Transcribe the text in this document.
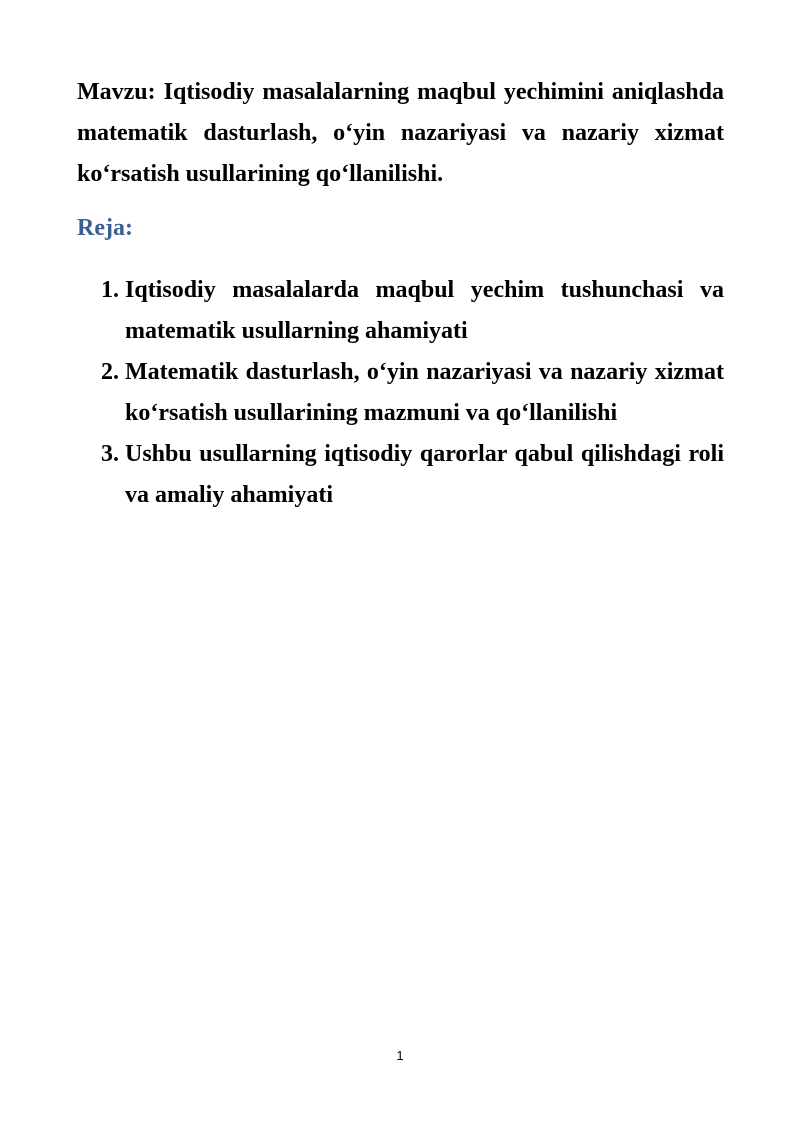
Mavzu: Iqtisodiy masalalarning maqbul yechimini aniqlashda matematik dasturlash, o‘yin nazariyasi va nazariy xizmat ko‘rsatish usullarining qo‘llanilishi.

Reja:
1. Iqtisodiy masalalarda maqbul yechim tushunchasi va matematik usullarning ahamiyati
2. Matematik dasturlash, o‘yin nazariyasi va nazariy xizmat ko‘rsatish usullarining mazmuni va qo‘llanilishi
3. Ushbu usullarning iqtisodiy qarorlar qabul qilishdagi roli va amaliy ahamiyati
1
